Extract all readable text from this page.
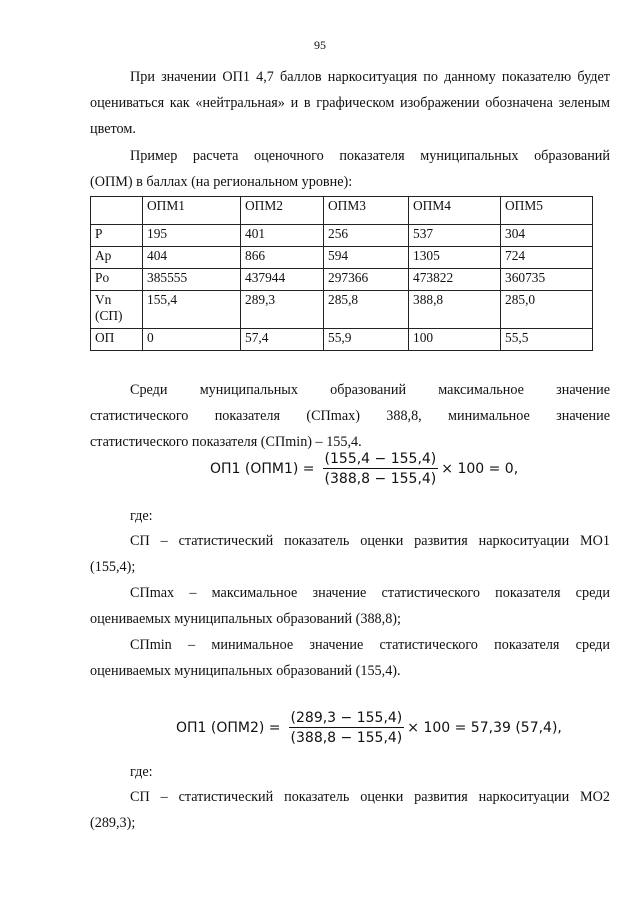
95

При значении ОП1 4,7 баллов наркоситуация по данному показателю будет оцениваться как «нейтральная» и в графическом изображении обозначена зеленым цветом.

Пример расчета оценочного показателя муниципальных образований
(ОПМ) в баллах (на региональном уровне):
	ОПМ1	ОПМ2	ОПМ3	ОПМ4	ОПМ5
P	195	401	256	537	304
Ap	404	866	594	1305	724
Po	385555	437944	297366	473822	360735
Vn (СП)	155,4	289,3	285,8	388,8	285,0
ОП	0	57,4	55,9	100	55,5
Среди муниципальных образований максимальное значение
статистического показателя (СПmax) 388,8, минимальное значение
статистического показателя (СПmin) – 155,4.
ОП1 $(ОПМ1) = \frac{(155,4 - 155,4)}{(388,8 - 155,4)} \times 100 = 0$,
где:
СП – статистический показатель оценки развития наркоситуации МО1
(155,4);
СПmax – максимальное значение статистического показателя среди
оцениваемых муниципальных образований (388,8);
СПmin – минимальное значение статистического показателя среди
оцениваемых муниципальных образований (155,4).
ОП1 $(ОПМ2) = \frac{(289,3 - 155,4)}{(388,8 - 155,4)} \times 100 = 57,39$ (57,4),
где:
СП – статистический показатель оценки развития наркоситуации МО2
(289,3);
